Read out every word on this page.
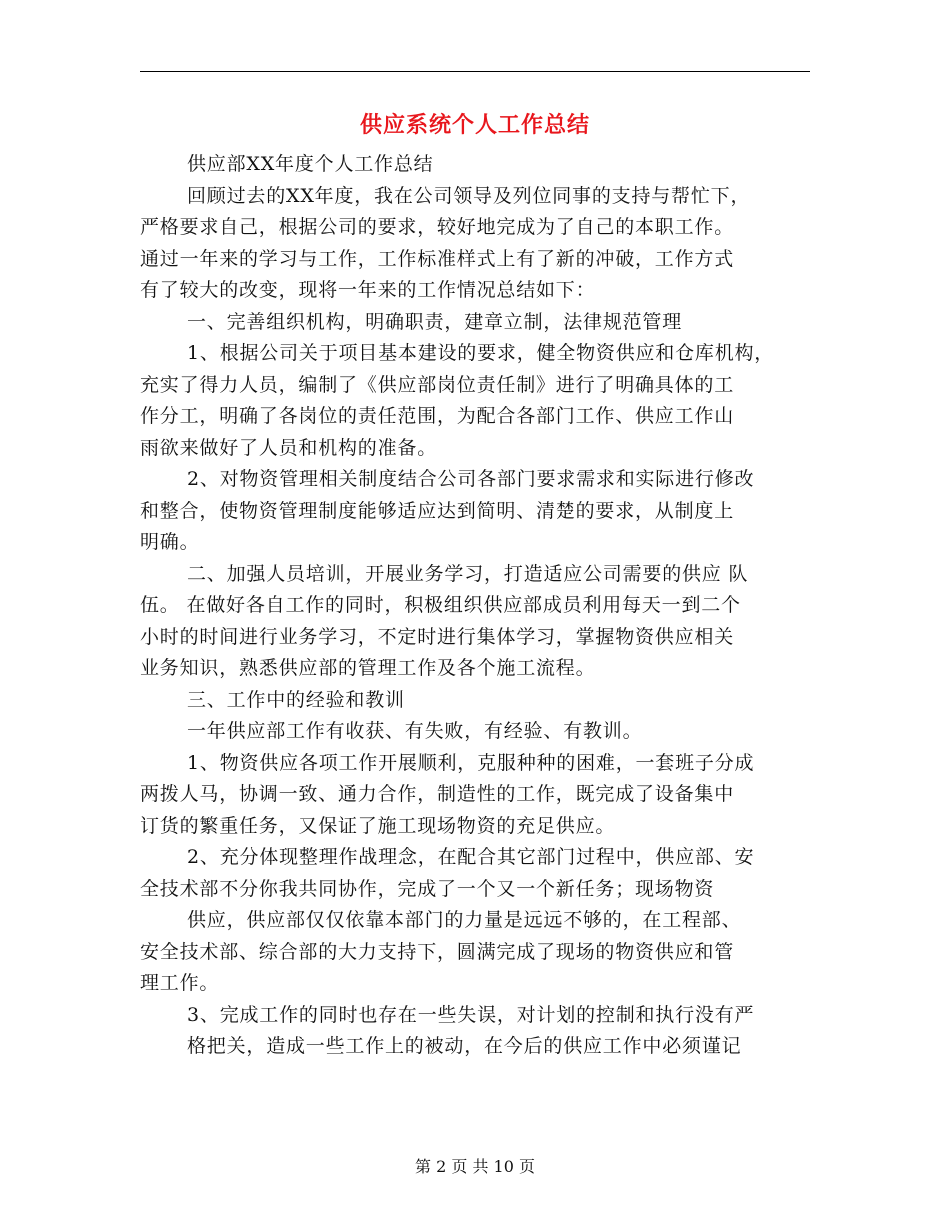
供应系统个人工作总结
供应部XX年度个人工作总结
回顾过去的XX年度，我在公司领导及列位同事的支持与帮忙下，
严格要求自己，根据公司的要求，较好地完成为了自己的本职工作。
通过一年来的学习与工作，工作标准样式上有了新的冲破，工作方式
有了较大的改变，现将一年来的工作情况总结如下：
一、完善组织机构，明确职责，建章立制，法律规范管理
1、根据公司关于项目基本建设的要求，健全物资供应和仓库机构，
充实了得力人员，编制了《供应部岗位责任制》进行了明确具体的工
作分工，明确了各岗位的责任范围，为配合各部门工作、供应工作山
雨欲来做好了人员和机构的准备。
2、对物资管理相关制度结合公司各部门要求需求和实际进行修改
和整合，使物资管理制度能够适应达到简明、清楚的要求，从制度上
明确。
二、加强人员培训，开展业务学习，打造适应公司需要的供应 队
伍。 在做好各自工作的同时，积极组织供应部成员利用每天一到二个
小时的时间进行业务学习，不定时进行集体学习，掌握物资供应相关
业务知识，熟悉供应部的管理工作及各个施工流程。
三、工作中的经验和教训
一年供应部工作有收获、有失败，有经验、有教训。
1、物资供应各项工作开展顺利，克服种种的困难，一套班子分成
两拨人马，协调一致、通力合作，制造性的工作，既完成了设备集中
订货的繁重任务，又保证了施工现场物资的充足供应。
2、充分体现整理作战理念，在配合其它部门过程中，供应部、安
全技术部不分你我共同协作，完成了一个又一个新任务；现场物资
供应，供应部仅仅依靠本部门的力量是远远不够的，在工程部、
安全技术部、综合部的大力支持下，圆满完成了现场的物资供应和管
理工作。
3、完成工作的同时也存在一些失误，对计划的控制和执行没有严
格把关，造成一些工作上的被动，在今后的供应工作中必须谨记
第 2 页 共 10 页
